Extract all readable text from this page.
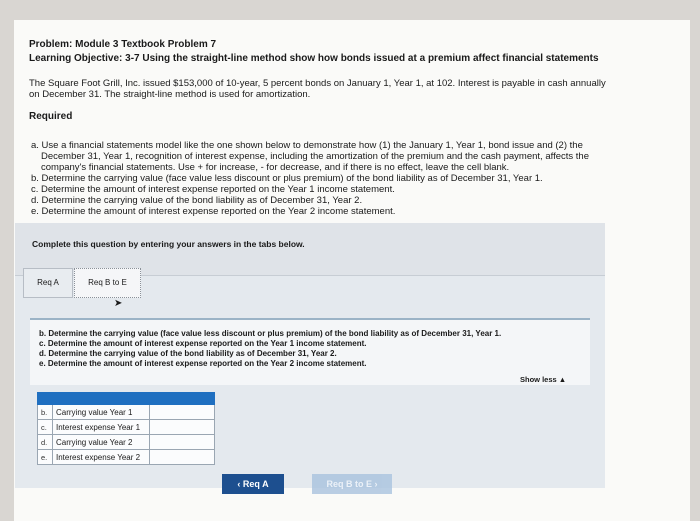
Problem: Module 3 Textbook Problem 7
Learning Objective: 3-7 Using the straight-line method show how bonds issued at a premium affect financial statements
The Square Foot Grill, Inc. issued $153,000 of 10-year, 5 percent bonds on January 1, Year 1, at 102. Interest is payable in cash annually
on December 31. The straight-line method is used for amortization.
Required
a. Use a financial statements model like the one shown below to demonstrate how (1) the January 1, Year 1, bond issue and (2) the
December 31, Year 1, recognition of interest expense, including the amortization of the premium and the cash payment, affects the
company's financial statements. Use + for increase, - for decrease, and if there is no effect, leave the cell blank.
b. Determine the carrying value (face value less discount or plus premium) of the bond liability as of December 31, Year 1.
c. Determine the amount of interest expense reported on the Year 1 income statement.
d. Determine the carrying value of the bond liability as of December 31, Year 2.
e. Determine the amount of interest expense reported on the Year 2 income statement.
Complete this question by entering your answers in the tabs below.
Req A	Req B to E
➤
b. Determine the carrying value (face value less discount or plus premium) of the bond liability as of December 31, Year 1.
c. Determine the amount of interest expense reported on the Year 1 income statement.
d. Determine the carrying value of the bond liability as of December 31, Year 2.
e. Determine the amount of interest expense reported on the Year 2 income statement.
Show less ▲

b.	Carrying value Year 1	
c.	Interest expense Year 1	
d.	Carrying value Year 2	
e.	Interest expense Year 2	
‹ Req A	Req B to E ›
